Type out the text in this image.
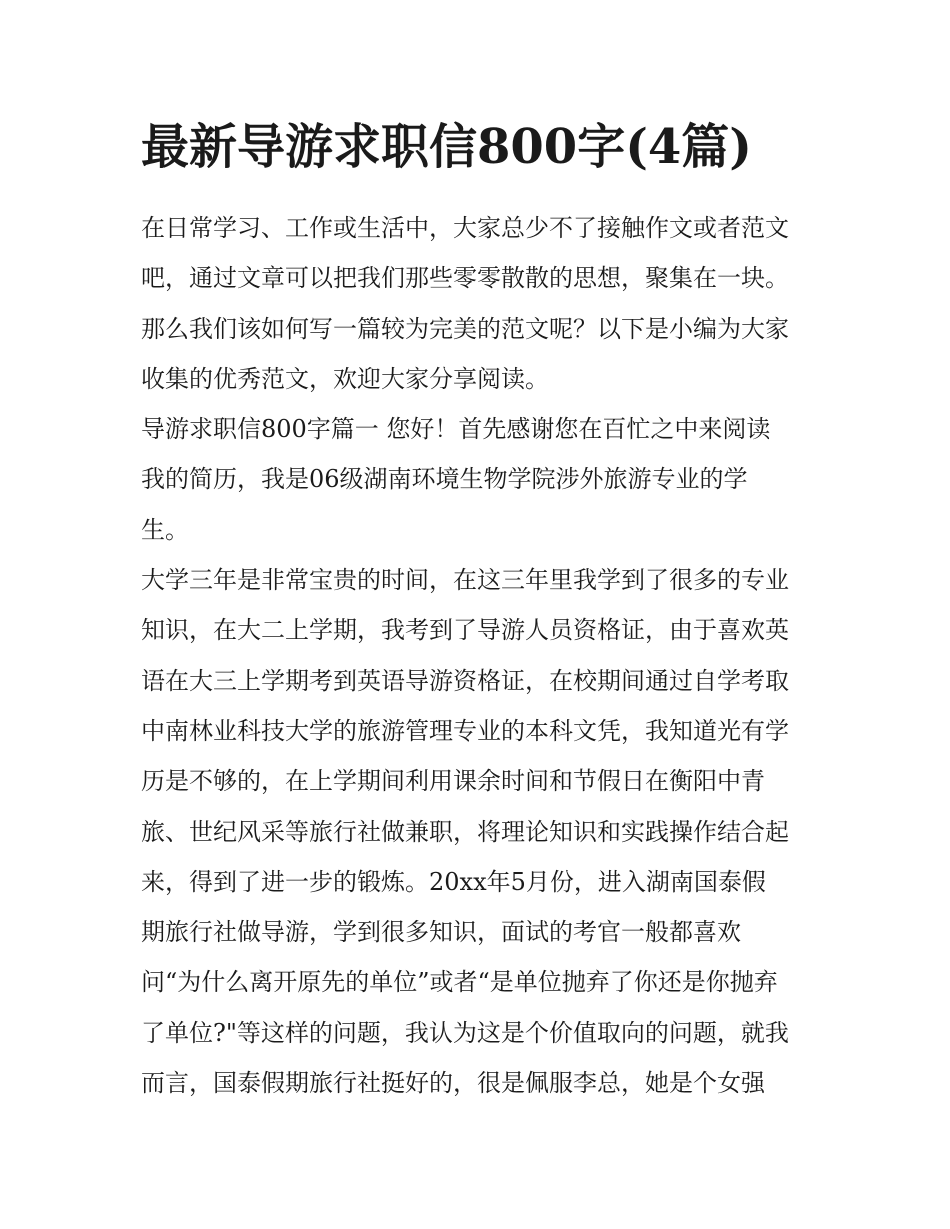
最新导游求职信800字(4篇)
在日常学习、工作或生活中，大家总少不了接触作文或者范文
吧，通过文章可以把我们那些零零散散的思想，聚集在一块。
那么我们该如何写一篇较为完美的范文呢？以下是小编为大家
收集的优秀范文，欢迎大家分享阅读。
导游求职信800字篇一 您好！首先感谢您在百忙之中来阅读
我的简历，我是06级湖南环境生物学院涉外旅游专业的学
生。
大学三年是非常宝贵的时间，在这三年里我学到了很多的专业
知识，在大二上学期，我考到了导游人员资格证，由于喜欢英
语在大三上学期考到英语导游资格证，在校期间通过自学考取
中南林业科技大学的旅游管理专业的本科文凭，我知道光有学
历是不够的，在上学期间利用课余时间和节假日在衡阳中青
旅、世纪风采等旅行社做兼职，将理论知识和实践操作结合起
来，得到了进一步的锻炼。20xx年5月份，进入湖南国泰假
期旅行社做导游，学到很多知识，面试的考官一般都喜欢
问“为什么离开原先的单位”或者“是单位抛弃了你还是你抛弃
了单位?"等这样的问题，我认为这是个价值取向的问题，就我
而言，国泰假期旅行社挺好的，很是佩服李总，她是个女强
